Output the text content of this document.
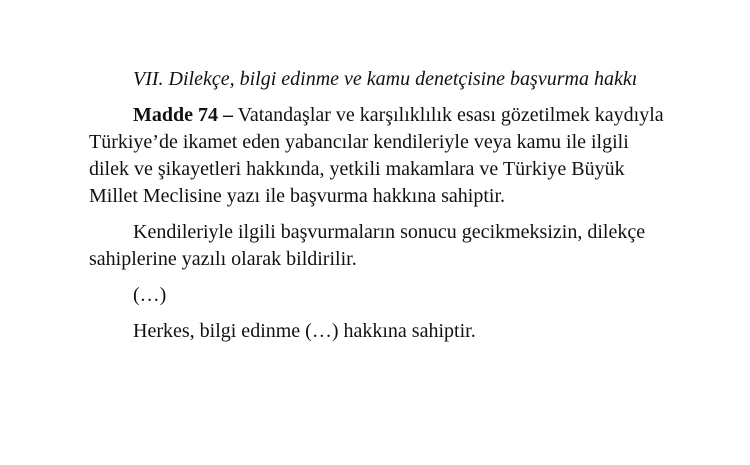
VII. Dilekçe, bilgi edinme ve kamu denetçisine başvurma hakkı

Madde 74 – Vatandaşlar ve karşılıklılık esası gözetilmek kaydıyla Türkiye’de ikamet eden yabancılar kendileriyle veya kamu ile ilgili dilek ve şikayetleri hakkında, yetkili makamlara ve Türkiye Büyük Millet Meclisine yazı ile başvurma hakkına sahiptir.

Kendileriyle ilgili başvurmaların sonucu gecikmeksizin, dilekçe sahiplerine yazılı olarak bildirilir.

(…)

Herkes, bilgi edinme (…) hakkına sahiptir.
